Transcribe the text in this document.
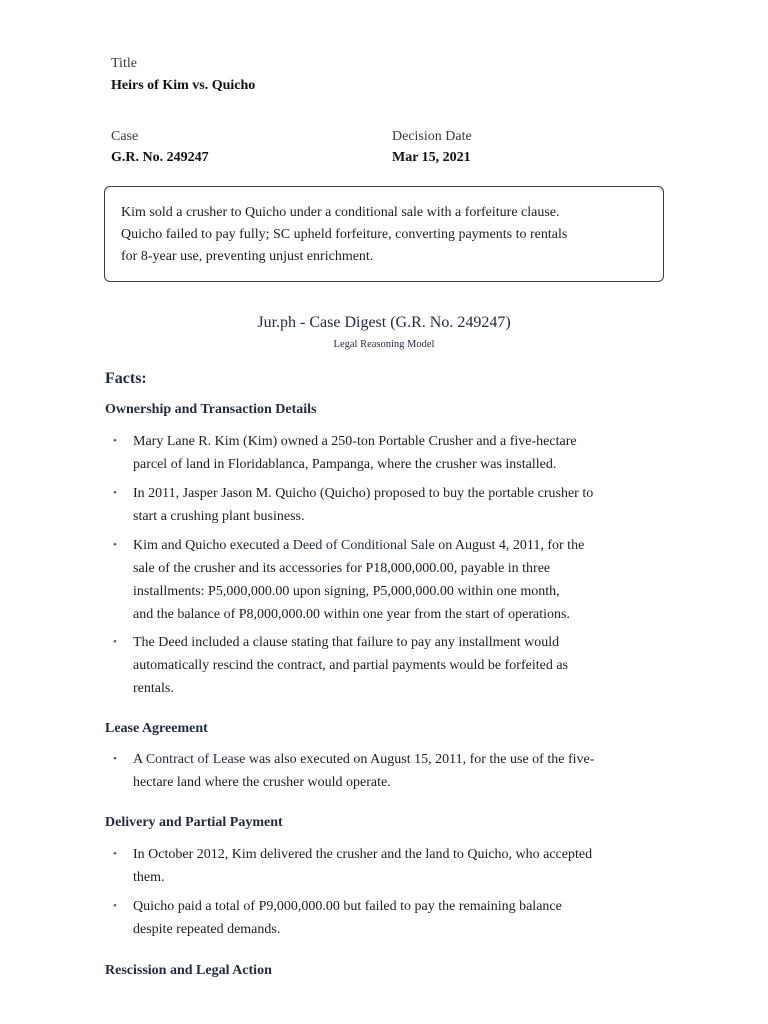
Title
Heirs of Kim vs. Quicho
Case
G.R. No. 249247
Decision Date
Mar 15, 2021
Kim sold a crusher to Quicho under a conditional sale with a forfeiture clause.
Quicho failed to pay fully; SC upheld forfeiture, converting payments to rentals
for 8-year use, preventing unjust enrichment.
Jur.ph - Case Digest (G.R. No. 249247)
Legal Reasoning Model
Facts:
Ownership and Transaction Details
• Mary Lane R. Kim (Kim) owned a 250-ton Portable Crusher and a five-hectare
parcel of land in Floridablanca, Pampanga, where the crusher was installed.
• In 2011, Jasper Jason M. Quicho (Quicho) proposed to buy the portable crusher to
start a crushing plant business.
• Kim and Quicho executed a Deed of Conditional Sale on August 4, 2011, for the
sale of the crusher and its accessories for P18,000,000.00, payable in three
installments: P5,000,000.00 upon signing, P5,000,000.00 within one month,
and the balance of P8,000,000.00 within one year from the start of operations.
• The Deed included a clause stating that failure to pay any installment would
automatically rescind the contract, and partial payments would be forfeited as
rentals.
Lease Agreement
• A Contract of Lease was also executed on August 15, 2011, for the use of the five-
hectare land where the crusher would operate.
Delivery and Partial Payment
• In October 2012, Kim delivered the crusher and the land to Quicho, who accepted
them.
• Quicho paid a total of P9,000,000.00 but failed to pay the remaining balance
despite repeated demands.
Rescission and Legal Action
